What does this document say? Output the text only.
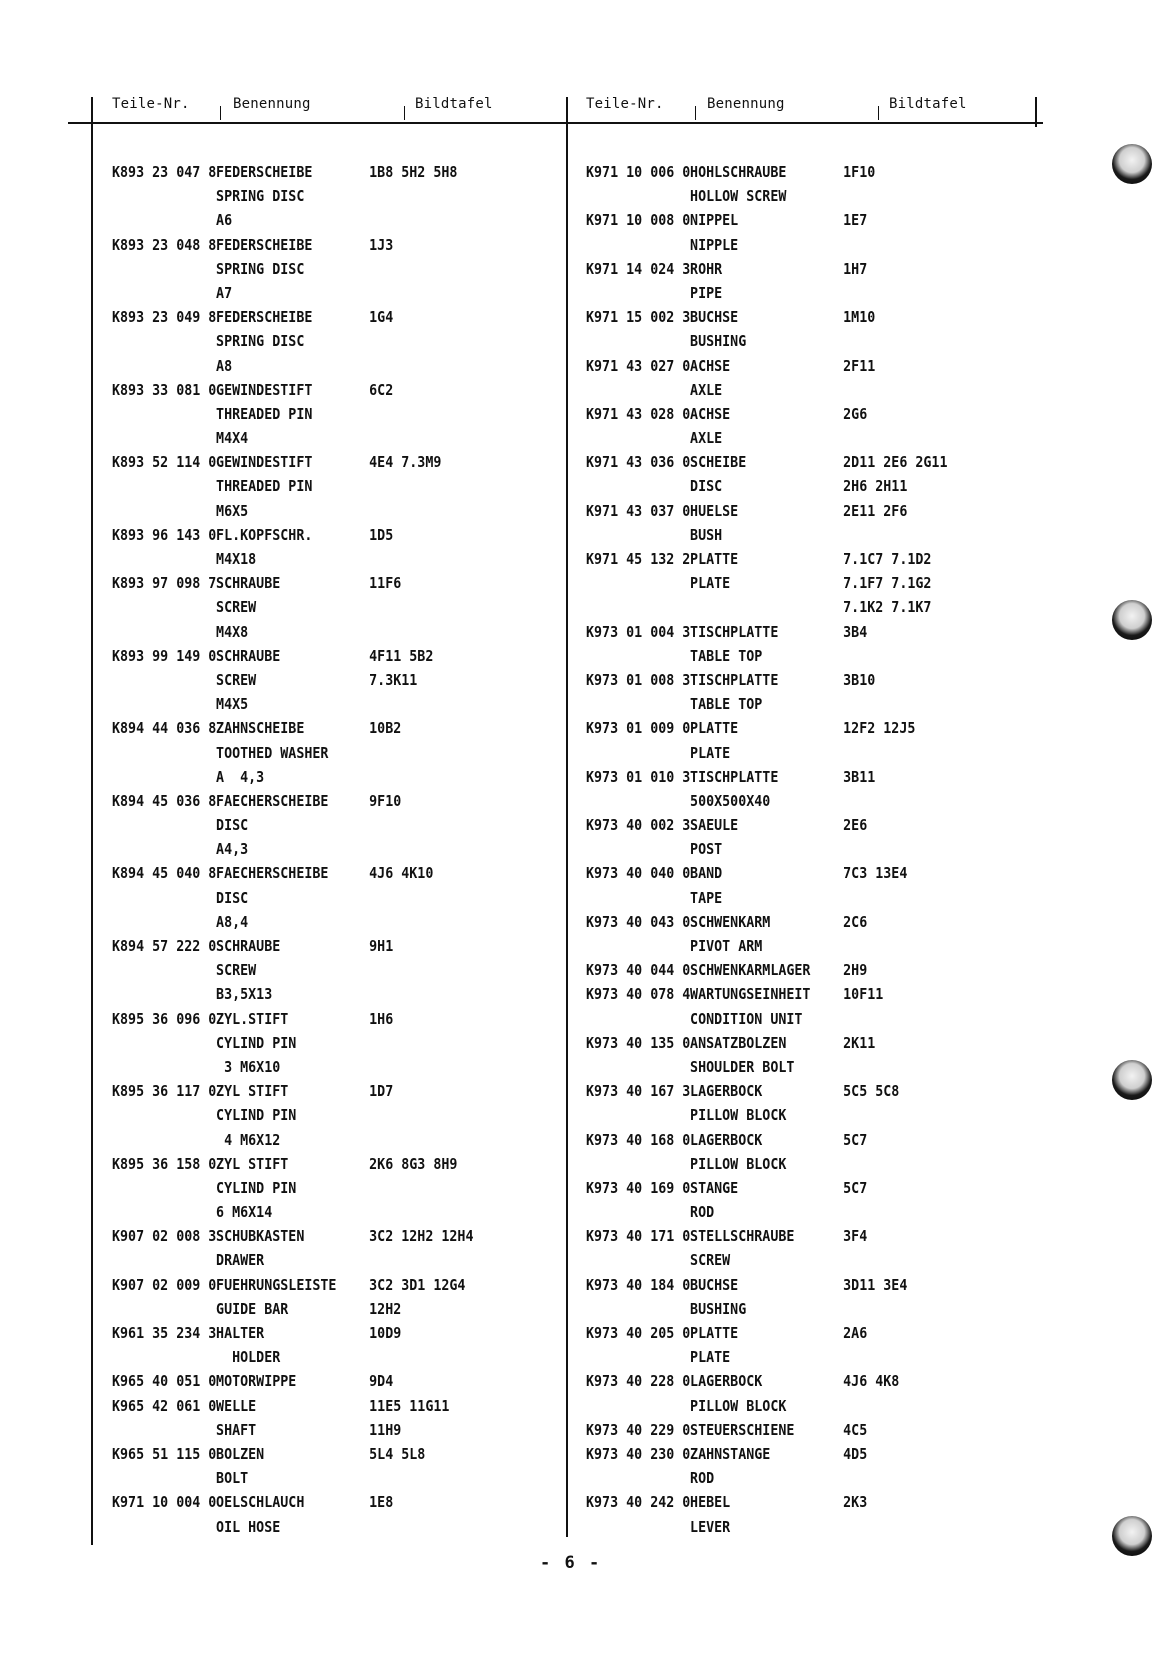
Teile-Nr.	Benennung	Bildtafel	Teile-Nr.	Benennung	Bildtafel
K893 23 047 8 FEDERSCHEIBE	1B8 5H2 5H8
SPRING DISC
A6
K893 23 048 8 FEDERSCHEIBE	1J3
SPRING DISC
A7
K893 23 049 8 FEDERSCHEIBE	1G4
SPRING DISC
A8
K893 33 081 0 GEWINDESTIFT	6C2
THREADED PIN
M4X4
K893 52 114 0 GEWINDESTIFT	4E4 7.3M9
THREADED PIN
M6X5
K893 96 143 0 FL.KOPFSCHR.	1D5
M4X18
K893 97 098 7 SCHRAUBE	11F6
SCREW
M4X8
K893 99 149 0 SCHRAUBE	4F11 5B2
SCREW	7.3K11
M4X5
K894 44 036 8 ZAHNSCHEIBE	10B2
TOOTHED WASHER
A  4,3
K894 45 036 8 FAECHERSCHEIBE	9F10
DISC
A4,3
K894 45 040 8 FAECHERSCHEIBE	4J6 4K10
DISC
A8,4
K894 57 222 0 SCHRAUBE	9H1
SCREW
B3,5X13
K895 36 096 0 ZYL.STIFT	1H6
CYLIND PIN
3 M6X10
K895 36 117 0 ZYL STIFT	1D7
CYLIND PIN
4 M6X12
K895 36 158 0 ZYL STIFT	2K6 8G3 8H9
CYLIND PIN
6 M6X14
K907 02 008 3 SCHUBKASTEN	3C2 12H2 12H4
DRAWER
K907 02 009 0 FUEHRUNGSLEISTE 3C2 3D1 12G4
GUIDE BAR	12H2
K961 35 234 3 HALTER	10D9
HOLDER
K965 40 051 0 MOTORWIPPE	9D4
K965 42 061 0 WELLE	11E5 11G11
SHAFT	11H9
K965 51 115 0 BOLZEN	5L4 5L8
BOLT
K971 10 004 0 OELSCHLAUCH	1E8
OIL HOSE
K971 10 006 0 HOHLSCHRAUBE	1F10
HOLLOW SCREW
K971 10 008 0 NIPPEL	1E7
NIPPLE
K971 14 024 3 ROHR	1H7
PIPE
K971 15 002 3 BUCHSE	1M10
BUSHING
K971 43 027 0 ACHSE	2F11
AXLE
K971 43 028 0 ACHSE	2G6
AXLE
K971 43 036 0 SCHEIBE	2D11 2E6 2G11
DISC	2H6 2H11
K971 43 037 0 HUELSE	2E11 2F6
BUSH
K971 45 132 2 PLATTE	7.1C7 7.1D2
PLATE	7.1F7 7.1G2
7.1K2 7.1K7
K973 01 004 3 TISCHPLATTE	3B4
TABLE TOP
K973 01 008 3 TISCHPLATTE	3B10
TABLE TOP
K973 01 009 0 PLATTE	12F2 12J5
PLATE
K973 01 010 3 TISCHPLATTE	3B11
500X500X40
K973 40 002 3 SAEULE	2E6
POST
K973 40 040 0 BAND	7C3 13E4
TAPE
K973 40 043 0 SCHWENKARM	2C6
PIVOT ARM
K973 40 044 0 SCHWENKARMLAGER 2H9
K973 40 078 4 WARTUNGSEINHEIT 10F11
CONDITION UNIT
K973 40 135 0 ANSATZBOLZEN	2K11
SHOULDER BOLT
K973 40 167 3 LAGERBOCK	5C5 5C8
PILLOW BLOCK
K973 40 168 0 LAGERBOCK	5C7
PILLOW BLOCK
K973 40 169 0 STANGE	5C7
ROD
K973 40 171 0 STELLSCHRAUBE	3F4
SCREW
K973 40 184 0 BUCHSE	3D11 3E4
BUSHING
K973 40 205 0 PLATTE	2A6
PLATE
K973 40 228 0 LAGERBOCK	4J6 4K8
PILLOW BLOCK
K973 40 229 0 STEUERSCHIENE	4C5
K973 40 230 0 ZAHNSTANGE	4D5
ROD
K973 40 242 0 HEBEL	2K3
LEVER
- 6 -
